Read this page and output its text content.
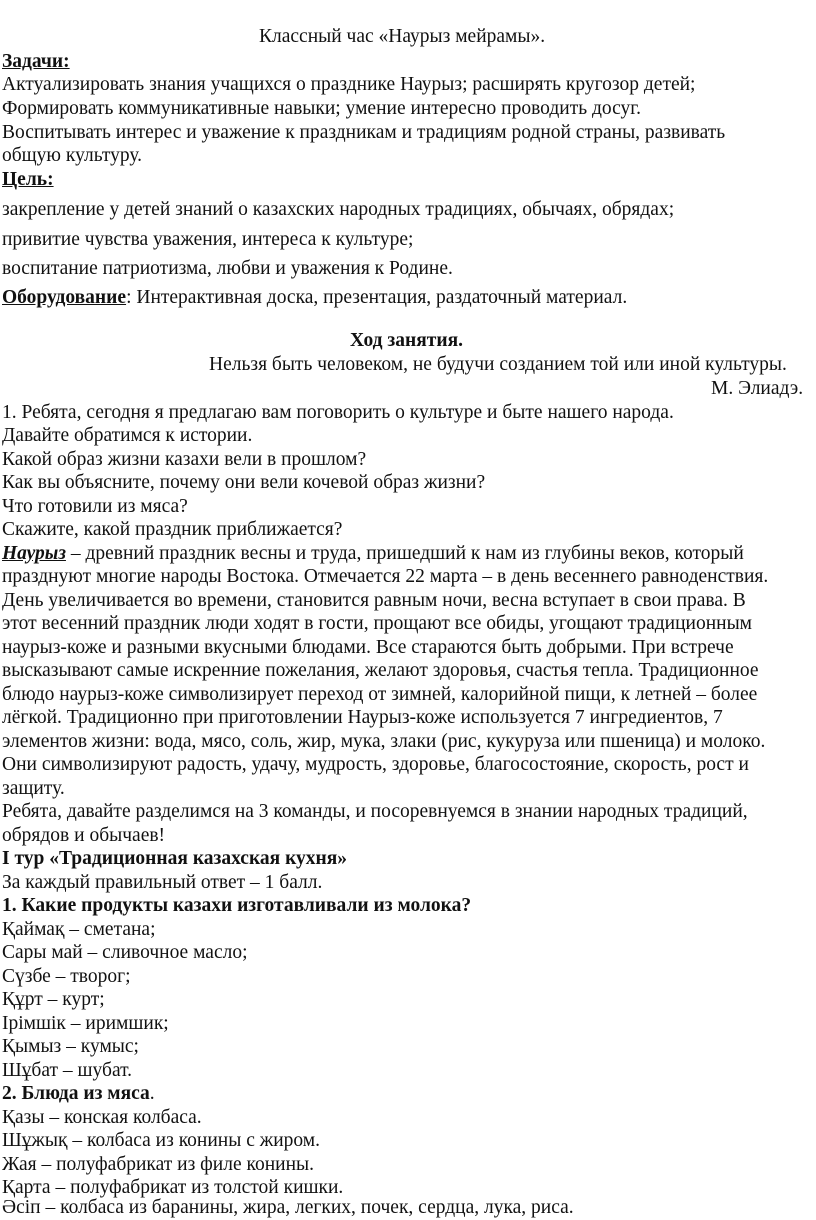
Классный час «Наурыз мейрамы».
Задачи:
Актуализировать знания учащихся о празднике Наурыз; расширять кругозор детей;
Формировать коммуникативные навыки; умение интересно проводить досуг.
Воспитывать интерес и уважение к праздникам и традициям родной страны, развивать
общую культуру.
Цель:
закрепление у детей знаний о казахских народных традициях, обычаях, обрядах;
привитие чувства уважения, интереса к культуре;
воспитание патриотизма, любви и уважения к Родине.
Оборудование: Интерактивная доска, презентация, раздаточный материал.
Ход занятия.
Нельзя быть человеком, не будучи созданием той или иной культуры.
М. Элиадэ.
1. Ребята, сегодня я предлагаю вам поговорить о культуре и быте нашего народа.
Давайте обратимся к истории.
Какой образ жизни казахи вели в прошлом?
Как вы объясните, почему они вели кочевой образ жизни?
Что готовили из мяса?
Скажите, какой праздник приближается?
Наурыз – древний праздник весны и труда, пришедший к нам из глубины веков, который
празднуют многие народы Востока. Отмечается 22 марта – в день весеннего равноденствия.
День увеличивается во времени, становится равным ночи, весна вступает в свои права. В
этот весенний праздник люди ходят в гости, прощают все обиды, угощают традиционным
наурыз-коже и разными вкусными блюдами. Все стараются быть добрыми. При встрече
высказывают самые искренние пожелания, желают здоровья, счастья тепла. Традиционное
блюдо наурыз-коже символизирует переход от зимней, калорийной пищи, к летней – более
лёгкой. Традиционно при приготовлении Наурыз-коже используется 7 ингредиентов, 7
элементов жизни: вода, мясо, соль, жир, мука, злаки (рис, кукуруза или пшеница) и молоко.
Они символизируют радость, удачу, мудрость, здоровье, благосостояние, скорость, рост и
защиту.
Ребята, давайте разделимся на 3 команды, и посоревнуемся в знании народных традиций,
обрядов и обычаев!
I тур «Традиционная казахская кухня»
За каждый правильный ответ – 1 балл.
1. Какие продукты казахи изготавливали из молока?
Қаймақ – сметана;
Сары май – сливочное масло;
Сүзбе – творог;
Құрт – курт;
Ірімшік – иримшик;
Қымыз – кумыс;
Шұбат – шубат.
2. Блюда из мяса.
Қазы – конская колбаса.
Шұжық – колбаса из конины с жиром.
Жая – полуфабрикат из филе конины.
Қарта – полуфабрикат из толстой кишки.
Әсіп – колбаса из баранины, жира, легких, почек, сердца, лука, риса.
